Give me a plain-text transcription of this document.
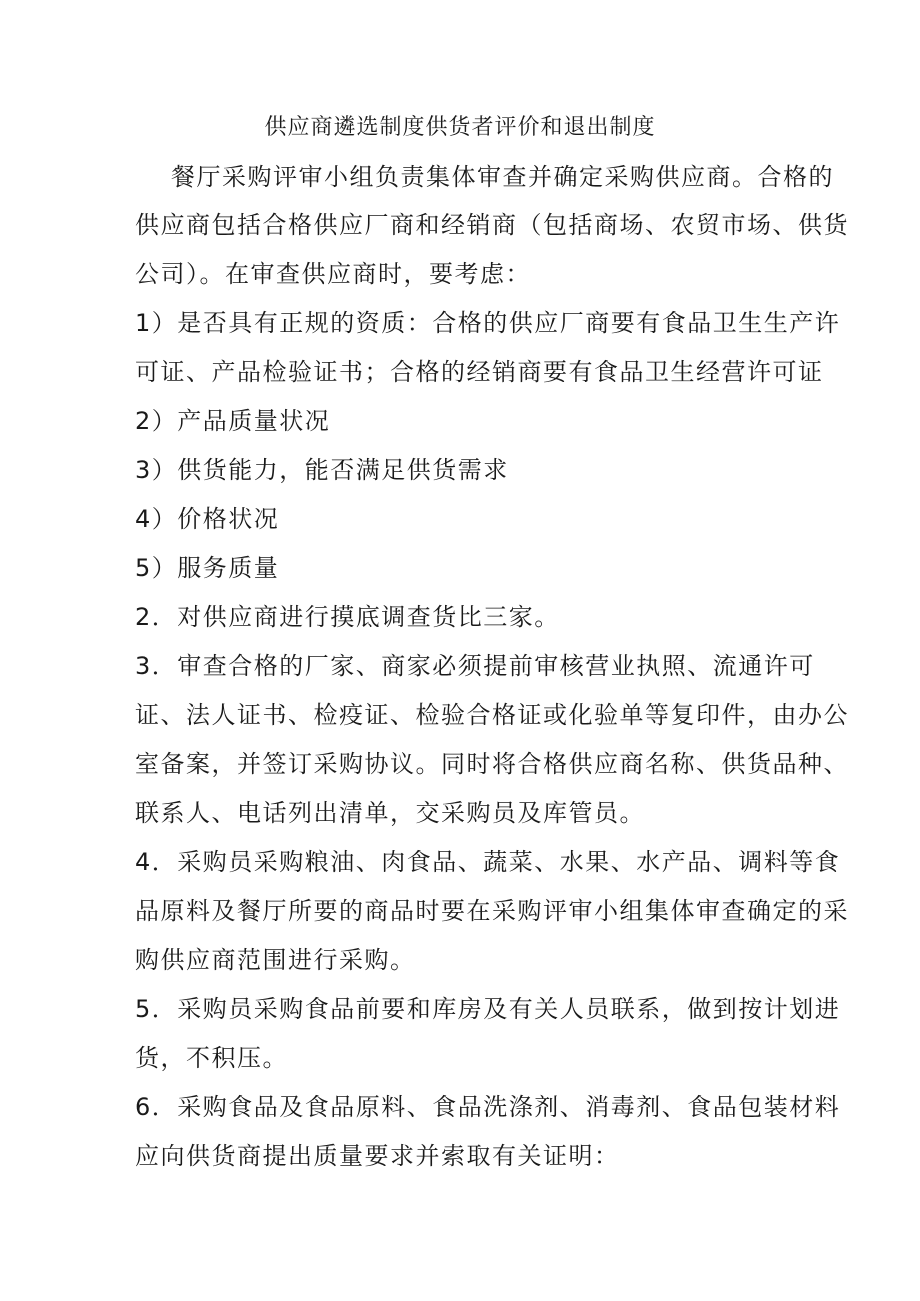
供应商遴选制度供货者评价和退出制度

餐厅采购评审小组负责集体审查并确定采购供应商。合格的

供应商包括合格供应厂商和经销商（包括商场、农贸市场、供货

公司）。在审查供应商时，要考虑：

1）是否具有正规的资质：合格的供应厂商要有食品卫生生产许

可证、产品检验证书；合格的经销商要有食品卫生经营许可证

2）产品质量状况

3）供货能力，能否满足供货需求

4）价格状况

5）服务质量

2．对供应商进行摸底调查货比三家。

3．审查合格的厂家、商家必须提前审核营业执照、流通许可

证、法人证书、检疫证、检验合格证或化验单等复印件，由办公

室备案，并签订采购协议。同时将合格供应商名称、供货品种、

联系人、电话列出清单，交采购员及库管员。

4．采购员采购粮油、肉食品、蔬菜、水果、水产品、调料等食

品原料及餐厅所要的商品时要在采购评审小组集体审查确定的采

购供应商范围进行采购。

5．采购员采购食品前要和库房及有关人员联系，做到按计划进

货，不积压。

6．采购食品及食品原料、食品洗涤剂、消毒剂、食品包装材料

应向供货商提出质量要求并索取有关证明：
